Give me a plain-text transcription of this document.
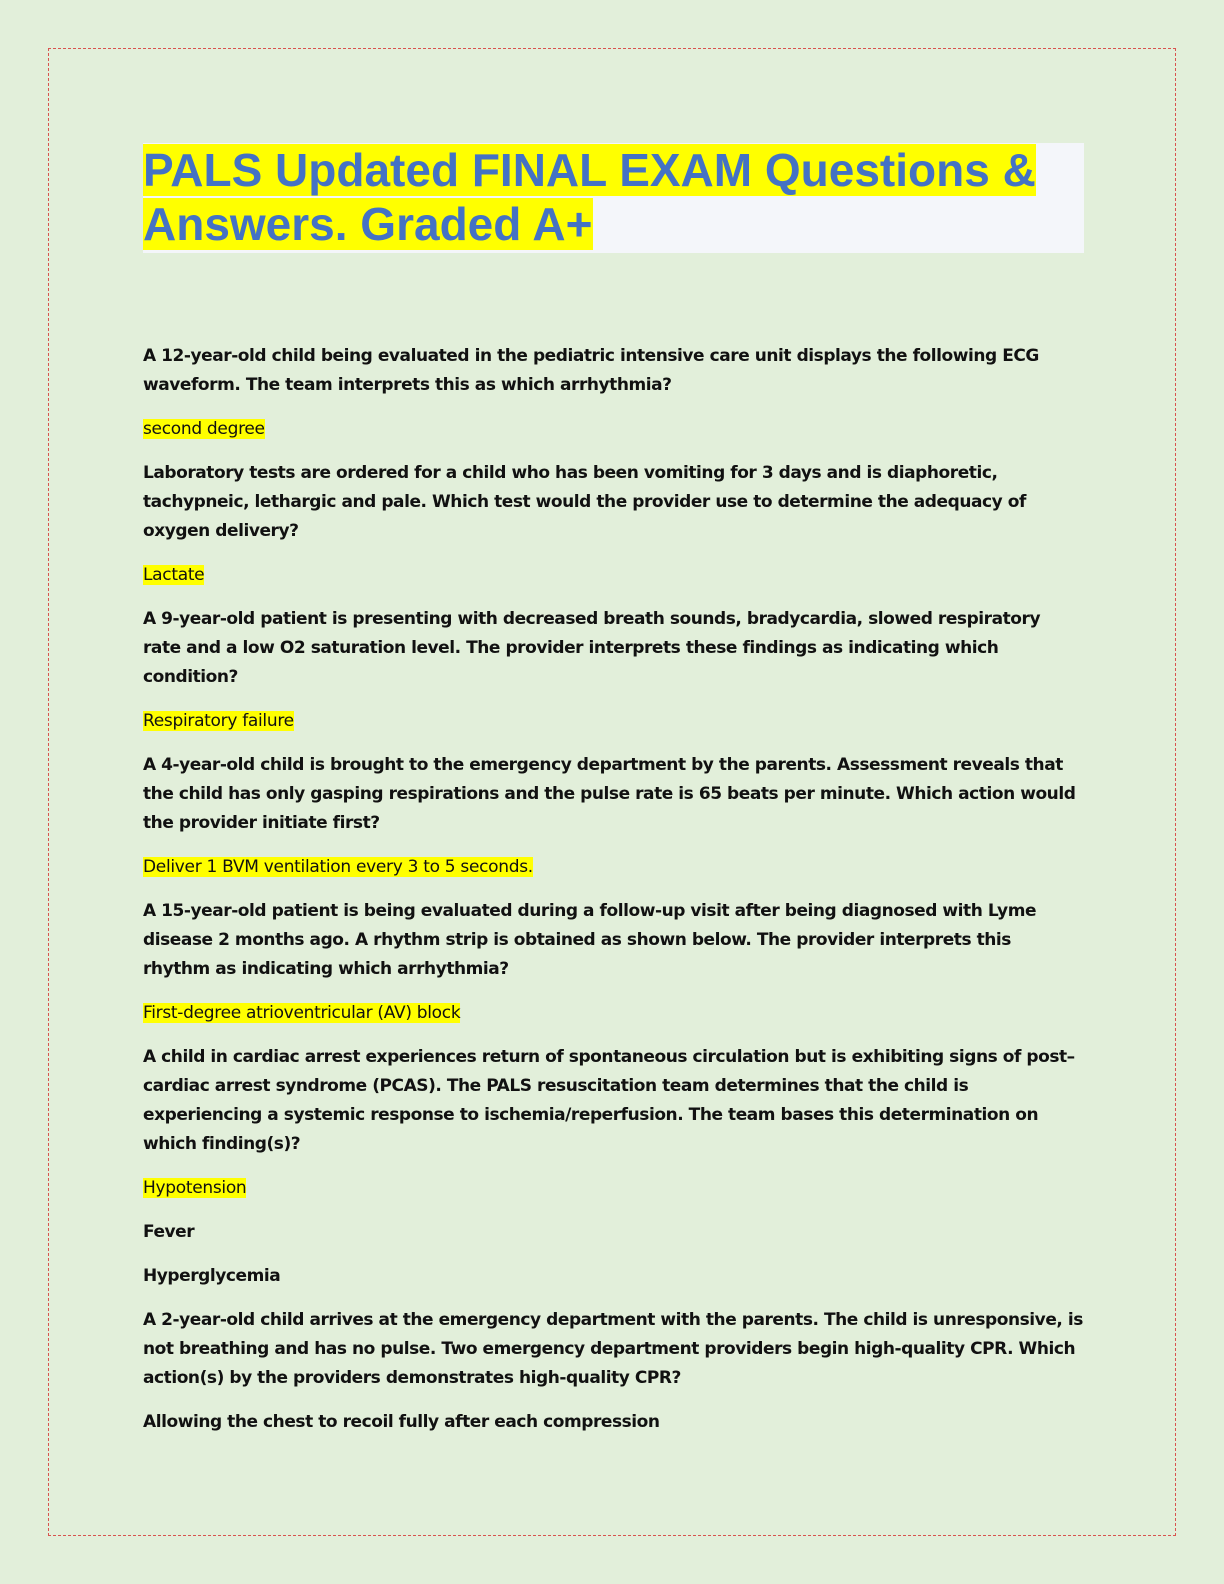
PALS Updated FINAL EXAM Questions & Answers. Graded A+

A 12-year-old child being evaluated in the pediatric intensive care unit displays the following ECG waveform. The team interprets this as which arrhythmia?

second degree

Laboratory tests are ordered for a child who has been vomiting for 3 days and is diaphoretic, tachypneic, lethargic and pale. Which test would the provider use to determine the adequacy of oxygen delivery?

Lactate

A 9-year-old patient is presenting with decreased breath sounds, bradycardia, slowed respiratory rate and a low O2 saturation level. The provider interprets these findings as indicating which condition?

Respiratory failure

A 4-year-old child is brought to the emergency department by the parents. Assessment reveals that the child has only gasping respirations and the pulse rate is 65 beats per minute. Which action would the provider initiate first?

Deliver 1 BVM ventilation every 3 to 5 seconds.

A 15-year-old patient is being evaluated during a follow-up visit after being diagnosed with Lyme disease 2 months ago. A rhythm strip is obtained as shown below. The provider interprets this rhythm as indicating which arrhythmia?

First-degree atrioventricular (AV) block

A child in cardiac arrest experiences return of spontaneous circulation but is exhibiting signs of post–cardiac arrest syndrome (PCAS). The PALS resuscitation team determines that the child is experiencing a systemic response to ischemia/reperfusion. The team bases this determination on which finding(s)?

Hypotension

Fever

Hyperglycemia

A 2-year-old child arrives at the emergency department with the parents. The child is unresponsive, is not breathing and has no pulse. Two emergency department providers begin high-quality CPR. Which action(s) by the providers demonstrates high-quality CPR?

Allowing the chest to recoil fully after each compression
